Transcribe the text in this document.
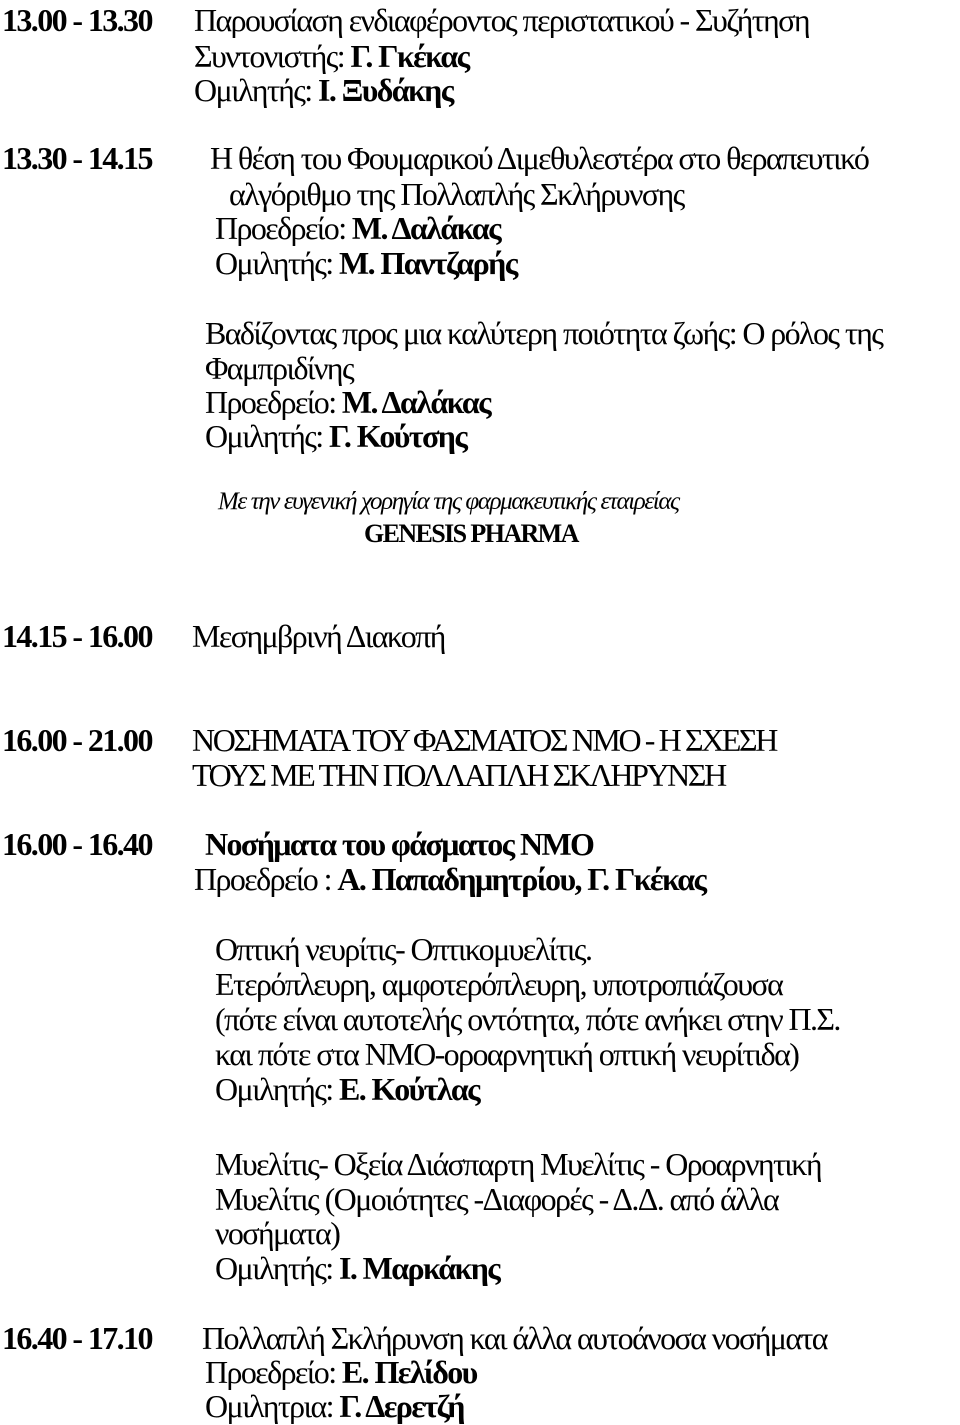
13.00 - 13.30 Παρουσίαση ενδιαφέροντος περιστατικού - Συζήτηση
Συντονιστής: Γ. Γκέκας
Ομιλητής: Ι. Ξυδάκης
13.30 - 14.15 Η θέση του Φουμαρικού Διμεθυλεστέρα στο θεραπευτικό
αλγόριθμο της Πολλαπλής Σκλήρυνσης
Προεδρείο: Μ. Δαλάκας
Ομιλητής: Μ. Παντζαρής
Βαδίζοντας προς μια καλύτερη ποιότητα ζωής: Ο ρόλος της
Φαμπριδίνης
Προεδρείο: Μ. Δαλάκας
Ομιλητής: Γ. Κούτσης
Με την ευγενική χορηγία της φαρμακευτικής εταιρείας
GENESIS PHARMA
14.15 - 16.00 Μεσημβρινή Διακοπή
16.00 - 21.00 ΝΟΣΗΜΑΤΑ ΤΟΥ ΦΑΣΜΑΤΟΣ ΝΜΟ - Η ΣΧΕΣΗ
ΤΟΥΣ ΜΕ ΤΗΝ ΠΟΛΛΑΠΛΗ ΣΚΛΗΡΥΝΣΗ
16.00 - 16.40 Νοσήματα του φάσματος ΝΜΟ
Προεδρείο : Α. Παπαδημητρίου, Γ. Γκέκας
Οπτική νευρίτις- Οπτικομυελίτις.
Ετερόπλευρη, αμφοτερόπλευρη, υποτροπιάζουσα
(πότε είναι αυτοτελής οντότητα, πότε ανήκει στην Π.Σ.
και πότε στα ΝΜΟ-οροαρνητική οπτική νευρίτιδα)
Ομιλητής: Ε. Κούτλας
Μυελίτις- Οξεία Διάσπαρτη Μυελίτις - Οροαρνητική
Μυελίτις (Ομοιότητες -Διαφορές - Δ.Δ. από άλλα
νοσήματα)
Ομιλητής: Ι. Μαρκάκης
16.40 - 17.10 Πολλαπλή Σκλήρυνση και άλλα αυτοάνοσα νοσήματα
Προεδρείο: Ε. Πελίδου
Ομιλητρια: Γ. Δερετζή
